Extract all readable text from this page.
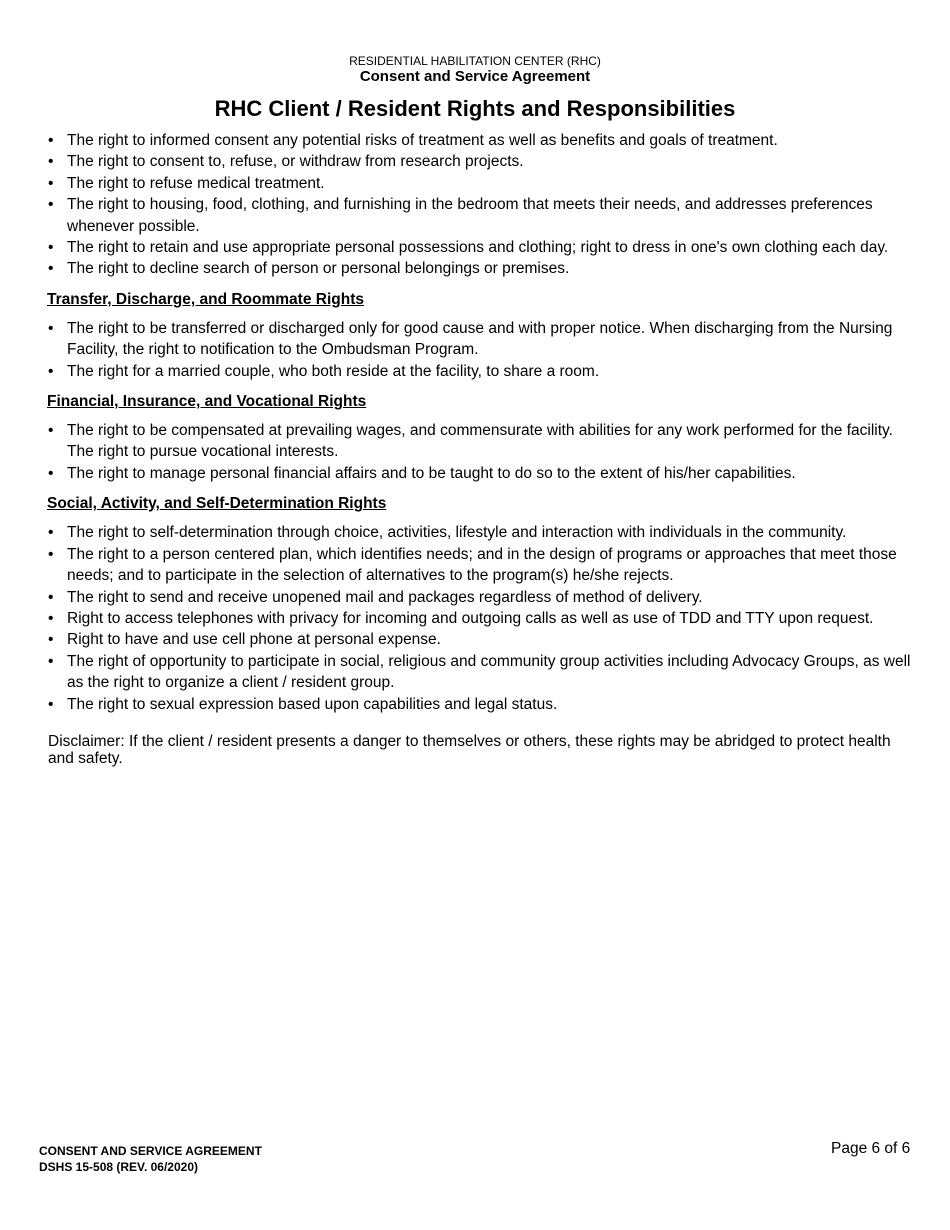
RESIDENTIAL HABILITATION CENTER (RHC)
Consent and Service Agreement
RHC Client / Resident Rights and Responsibilities
• The right to informed consent any potential risks of treatment as well as benefits and goals of treatment.
• The right to consent to, refuse, or withdraw from research projects.
• The right to refuse medical treatment.
• The right to housing, food, clothing, and furnishing in the bedroom that meets their needs, and addresses preferences whenever possible.
• The right to retain and use appropriate personal possessions and clothing; right to dress in one's own clothing each day.
• The right to decline search of person or personal belongings or premises.
Transfer, Discharge, and Roommate Rights
• The right to be transferred or discharged only for good cause and with proper notice. When discharging from the Nursing Facility, the right to notification to the Ombudsman Program.
• The right for a married couple, who both reside at the facility, to share a room.
Financial, Insurance, and Vocational Rights
• The right to be compensated at prevailing wages, and commensurate with abilities for any work performed for the facility. The right to pursue vocational interests.
• The right to manage personal financial affairs and to be taught to do so to the extent of his/her capabilities.
Social, Activity, and Self-Determination Rights
• The right to self-determination through choice, activities, lifestyle and interaction with individuals in the community.
• The right to a person centered plan, which identifies needs; and in the design of programs or approaches that meet those needs; and to participate in the selection of alternatives to the program(s) he/she rejects.
• The right to send and receive unopened mail and packages regardless of method of delivery.
• Right to access telephones with privacy for incoming and outgoing calls as well as use of TDD and TTY upon request.
• Right to have and use cell phone at personal expense.
• The right of opportunity to participate in social, religious and community group activities including Advocacy Groups, as well as the right to organize a client / resident group.
• The right to sexual expression based upon capabilities and legal status.
Disclaimer: If the client / resident presents a danger to themselves or others, these rights may be abridged to protect health and safety.
CONSENT AND SERVICE AGREEMENT
DSHS 15-508 (REV. 06/2020)
Page 6 of 6
